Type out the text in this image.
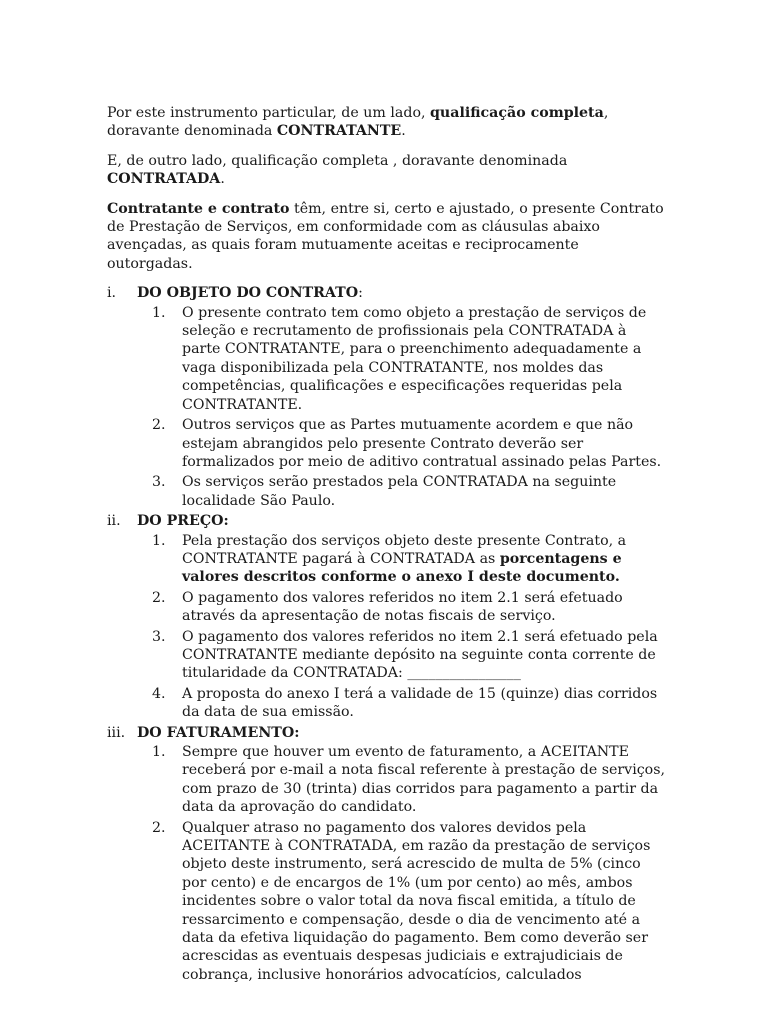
Por este instrumento particular, de um lado, qualificação completa, doravante denominada CONTRATANTE.

E, de outro lado, qualificação completa , doravante denominada CONTRATADA.

Contratante e contrato têm, entre si, certo e ajustado, o presente Contrato de Prestação de Serviços, em conformidade com as cláusulas abaixo avençadas, as quais foram mutuamente aceitas e reciprocamente outorgadas.

i. DO OBJETO DO CONTRATO:
1. O presente contrato tem como objeto a prestação de serviços de seleção e recrutamento de profissionais pela CONTRATADA à parte CONTRATANTE, para o preenchimento adequadamente a vaga disponibilizada pela CONTRATANTE, nos moldes das competências, qualificações e especificações requeridas pela CONTRATANTE.
2. Outros serviços que as Partes mutuamente acordem e que não estejam abrangidos pelo presente Contrato deverão ser formalizados por meio de aditivo contratual assinado pelas Partes.
3. Os serviços serão prestados pela CONTRATADA na seguinte localidade São Paulo.
ii. DO PREÇO:
1. Pela prestação dos serviços objeto deste presente Contrato, a CONTRATANTE pagará à CONTRATADA as porcentagens e valores descritos conforme o anexo I deste documento.
2. O pagamento dos valores referidos no item 2.1 será efetuado através da apresentação de notas fiscais de serviço.
3. O pagamento dos valores referidos no item 2.1 será efetuado pela CONTRATANTE mediante depósito na seguinte conta corrente de titularidade da CONTRATADA: ________________
4. A proposta do anexo I terá a validade de 15 (quinze) dias corridos da data de sua emissão.
iii. DO FATURAMENTO:
1. Sempre que houver um evento de faturamento, a ACEITANTE receberá por e-mail a nota fiscal referente à prestação de serviços, com prazo de 30 (trinta) dias corridos para pagamento a partir da data da aprovação do candidato.
2. Qualquer atraso no pagamento dos valores devidos pela ACEITANTE à CONTRATADA, em razão da prestação de serviços objeto deste instrumento, será acrescido de multa de 5% (cinco por cento) e de encargos de 1% (um por cento) ao mês, ambos incidentes sobre o valor total da nova fiscal emitida, a título de ressarcimento e compensação, desde o dia de vencimento até a data da efetiva liquidação do pagamento. Bem como deverão ser acrescidas as eventuais despesas judiciais e extrajudiciais de cobrança, inclusive honorários advocatícios, calculados
